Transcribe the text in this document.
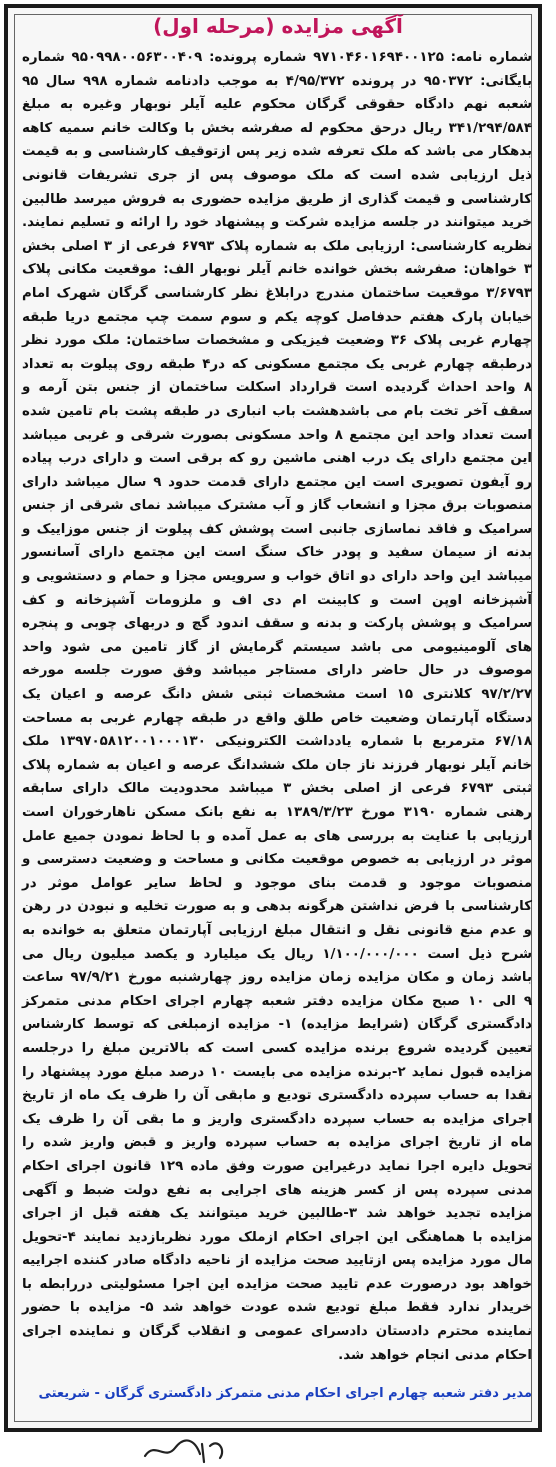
آگهی مزایده (مرحله اول)

شماره نامه: ۹۷۱۰۴۶۰۱۶۹۴۰۰۱۲۵ شماره پرونده: ۹۵۰۹۹۸۰۰۵۶۳۰۰۴۰۹ شماره بایگانی: ۹۵۰۳۷۲ در پرونده ۴/۹۵/۳۷۲ به موجب دادنامه شماره ۹۹۸ سال ۹۵ شعبه نهم دادگاه حقوقی گرگان محکوم علیه آیلر نوبهار وغیره به مبلغ ۳۴۱/۲۹۴/۵۸۴ ریال درحق محکوم له صفرشه بخش با وکالت خانم سمیه کاهه بدهکار می باشد که ملک تعرفه شده زیر پس ازتوقیف کارشناسی و به قیمت ذیل ارزیابی شده است که ملک موصوف پس از جری تشریفات قانونی کارشناسی و قیمت گذاری از طریق مزایده حضوری به فروش میرسد طالبین خرید میتوانند در جلسه مزایده شرکت و پیشنهاد خود را ارائه و تسلیم نمایند. نظریه کارشناسی: ارزیابی ملک به شماره پلاک ۶۷۹۳ فرعی از ۳ اصلی بخش ۳ خواهان: صفرشه بخش خوانده خانم آیلر نوبهار الف: موقعیت مکانی پلاک ۳/۶۷۹۳ موقعیت ساختمان مندرج درابلاغ نظر کارشناسی گرگان شهرک امام خیابان پارک هفتم حدفاصل کوچه یکم و سوم سمت چپ مجتمع دریا طبقه چهارم غربی پلاک ۳۶ وضعیت فیزیکی و مشخصات ساختمان: ملک مورد نظر درطبقه چهارم غربی یک مجتمع مسکونی که در۴ طبقه روی پیلوت به تعداد ۸ واحد احداث گردیده است قرارداد اسکلت ساختمان از جنس بتن آرمه و سقف آخر تخت بام می باشدهشت باب انباری در طبقه پشت بام تامین شده است تعداد واحد این مجتمع ۸ واحد مسکونی بصورت شرقی و غربی میباشد این مجتمع دارای یک درب اهنی ماشین رو که برقی است و دارای درب پیاده رو آیفون تصویری است این مجتمع دارای قدمت حدود ۹ سال میباشد دارای منصوبات برق مجزا و انشعاب گاز و آب مشترک میباشد نمای شرقی از جنس سرامیک و فاقد نماسازی جانبی است پوشش کف پیلوت از جنس موزاییک و بدنه از سیمان سفید و پودر خاک سنگ است این مجتمع دارای آسانسور میباشد این واحد دارای دو اتاق خواب و سرویس مجزا و حمام و دستشویی و آشپزخانه اوپن است و کابینت ام دی اف و ملزومات آشپزخانه و کف سرامیک و پوشش پارکت و بدنه و سقف اندود گچ و دربهای چوبی و پنجره های آلومینیومی می باشد سیستم گرمایش از گاز تامین می شود واحد موصوف در حال حاضر دارای مستاجر میباشد وفق صورت جلسه مورخه ۹۷/۲/۲۷ کلانتری ۱۵ است مشخصات ثبتی شش دانگ عرصه و اعیان یک دستگاه آپارتمان وضعیت خاص طلق واقع در طبقه چهارم غربی به مساحت ۶۷/۱۸ مترمربع با شماره یادداشت الکترونیکی ۱۳۹۷۰۵۸۱۲۰۰۱۰۰۰۱۳۰ ملک خانم آیلر نوبهار فرزند ناز جان ملک ششدانگ عرصه و اعیان به شماره پلاک ثبتی ۶۷۹۳ فرعی از اصلی بخش ۳ میباشد محدودیت مالک دارای سابقه رهنی شماره ۳۱۹۰ مورخ ۱۳۸۹/۳/۲۳ به نفع بانک مسکن ناهارخوران است ارزیابی با عنایت به بررسی های به عمل آمده و با لحاظ نمودن جمیع عامل موثر در ارزیابی به خصوص موقعیت مکانی و مساحت و وضعیت دسترسی و منصوبات موجود و قدمت بنای موجود و لحاظ سایر عوامل موثر در کارشناسی با فرض نداشتن هرگونه بدهی و به صورت تخلیه و نبودن در رهن و عدم منع قانونی نقل و انتقال مبلغ ارزیابی آپارتمان متعلق به خوانده به شرح ذیل است ۱/۱۰۰/۰۰۰/۰۰۰ ریال یک میلیارد و یکصد میلیون ریال می باشد زمان و مکان مزایده زمان مزایده روز چهارشنبه مورخ ۹۷/۹/۲۱ ساعت ۹ الی ۱۰ صبح مکان مزایده دفتر شعبه چهارم اجرای احکام مدنی متمرکز دادگستری گرگان (شرایط مزایده) ۱- مزایده ازمبلغی که توسط کارشناس تعیین گردیده شروع برنده مزایده کسی است که بالاترین مبلغ را درجلسه مزایده قبول نماید ۲-برنده مزایده می بایست ۱۰ درصد مبلغ مورد پیشنهاد را نقدا به حساب سپرده دادگستری تودیع و مابقی آن را ظرف یک ماه از تاریخ اجرای مزایده به حساب سپرده دادگستری واریز و ما بقی آن را ظرف یک ماه از تاریخ اجرای مزایده به حساب سپرده واریز و قبض واریز شده را تحویل دایره اجرا نماید درغیراین صورت وفق ماده ۱۲۹ قانون اجرای احکام مدنی سپرده پس از کسر هزینه های اجرایی به نفع دولت ضبط و آگهی مزایده تجدید خواهد شد ۳-طالبین خرید میتوانند یک هفته قبل از اجرای مزایده با هماهنگی این اجرای احکام ازملک مورد نظربازدید نمایند ۴-تحویل مال مورد مزایده پس ازتایید صحت مزایده از ناحیه دادگاه صادر کننده اجراییه خواهد بود درصورت عدم تایید صحت مزایده این اجرا مسئولیتی دررابطه با خریدار ندارد فقط مبلغ تودیع شده عودت خواهد شد ۵- مزایده با حضور نماینده محترم دادستان دادسرای عمومی و انقلاب گرگان و نماینده اجرای احکام مدنی انجام خواهد شد.

مدیر دفتر شعبه چهارم اجرای احکام مدنی متمرکز دادگستری گرگان - شریعتی
